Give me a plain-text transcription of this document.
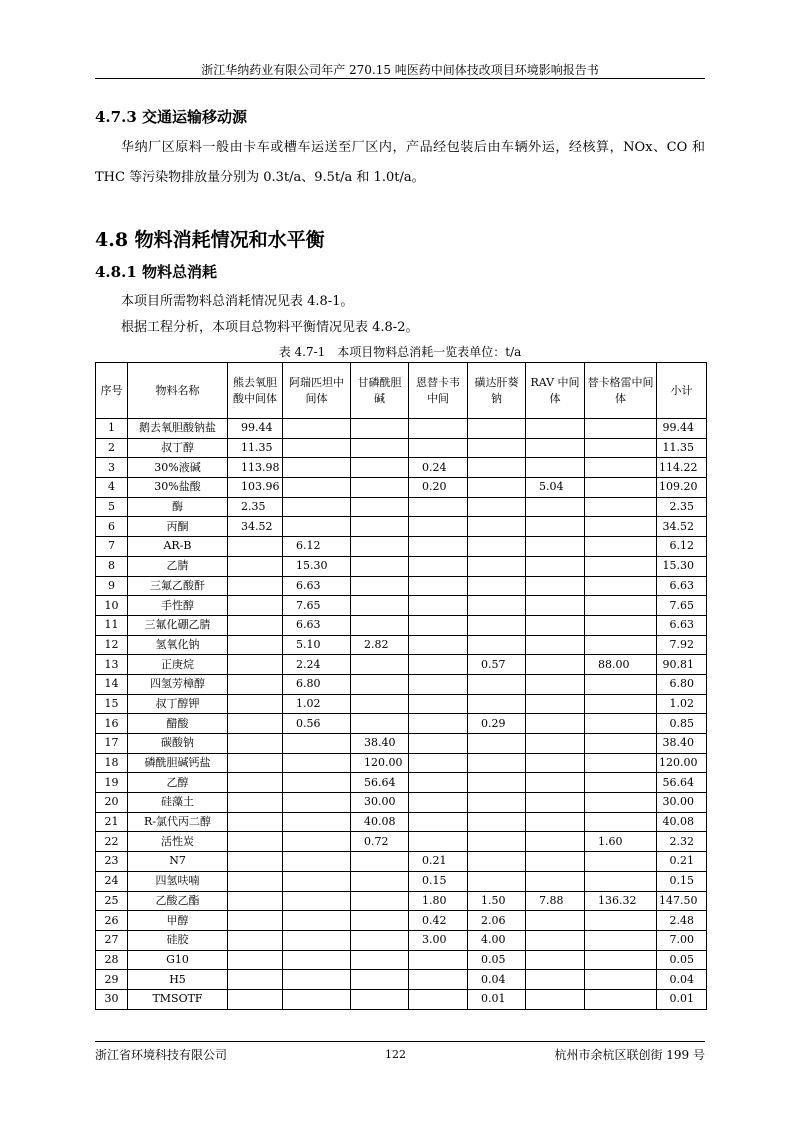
浙江华纳药业有限公司年产 270.15 吨医药中间体技改项目环境影响报告书
4.7.3 交通运输移动源
华纳厂区原料一般由卡车或槽车运送至厂区内，产品经包装后由车辆外运，经核算，NOx、CO 和 THC 等污染物排放量分别为 0.3t/a、9.5t/a 和 1.0t/a。
4.8 物料消耗情况和水平衡
4.8.1 物料总消耗
本项目所需物料总消耗情况见表 4.8-1。
根据工程分析，本项目总物料平衡情况见表 4.8-2。
表 4.7-1　本项目物料总消耗一览表单位：t/a
序号	物料名称	熊去氧胆酸中间体	阿瑞匹坦中间体	甘磷酰胆碱	恩替卡韦中间	磺达肝葵钠	RAV 中间体	替卡格雷中间体	小计
1	鹅去氧胆酸钠盐	99.44							99.44
2	叔丁醇	11.35							11.35
3	30%液碱	113.98			0.24				114.22
4	30%盐酸	103.96			0.20		5.04		109.20
5	酶	2.35							2.35
6	丙酮	34.52							34.52
7	AR-B		6.12						6.12
8	乙腈		15.30						15.30
9	三氟乙酸酐		6.63						6.63
10	手性醇		7.65						7.65
11	三氟化硼乙腈		6.63						6.63
12	氢氧化钠		5.10	2.82					7.92
13	正庚烷		2.24			0.57		88.00	90.81
14	四氢芳樟醇		6.80						6.80
15	叔丁醇钾		1.02						1.02
16	醋酸		0.56			0.29			0.85
17	碳酸钠			38.40					38.40
18	磷酰胆碱钙盐			120.00					120.00
19	乙醇			56.64					56.64
20	硅藻土			30.00					30.00
21	R-氯代丙二醇			40.08					40.08
22	活性炭			0.72				1.60	2.32
23	N7				0.21				0.21
24	四氢呋喃				0.15				0.15
25	乙酸乙酯				1.80	1.50	7.88	136.32	147.50
26	甲醇				0.42	2.06			2.48
27	硅胶				3.00	4.00			7.00
28	G10					0.05			0.05
29	H5					0.04			0.04
30	TMSOTF					0.01			0.01
浙江省环境科技有限公司	122	杭州市余杭区联创街 199 号
